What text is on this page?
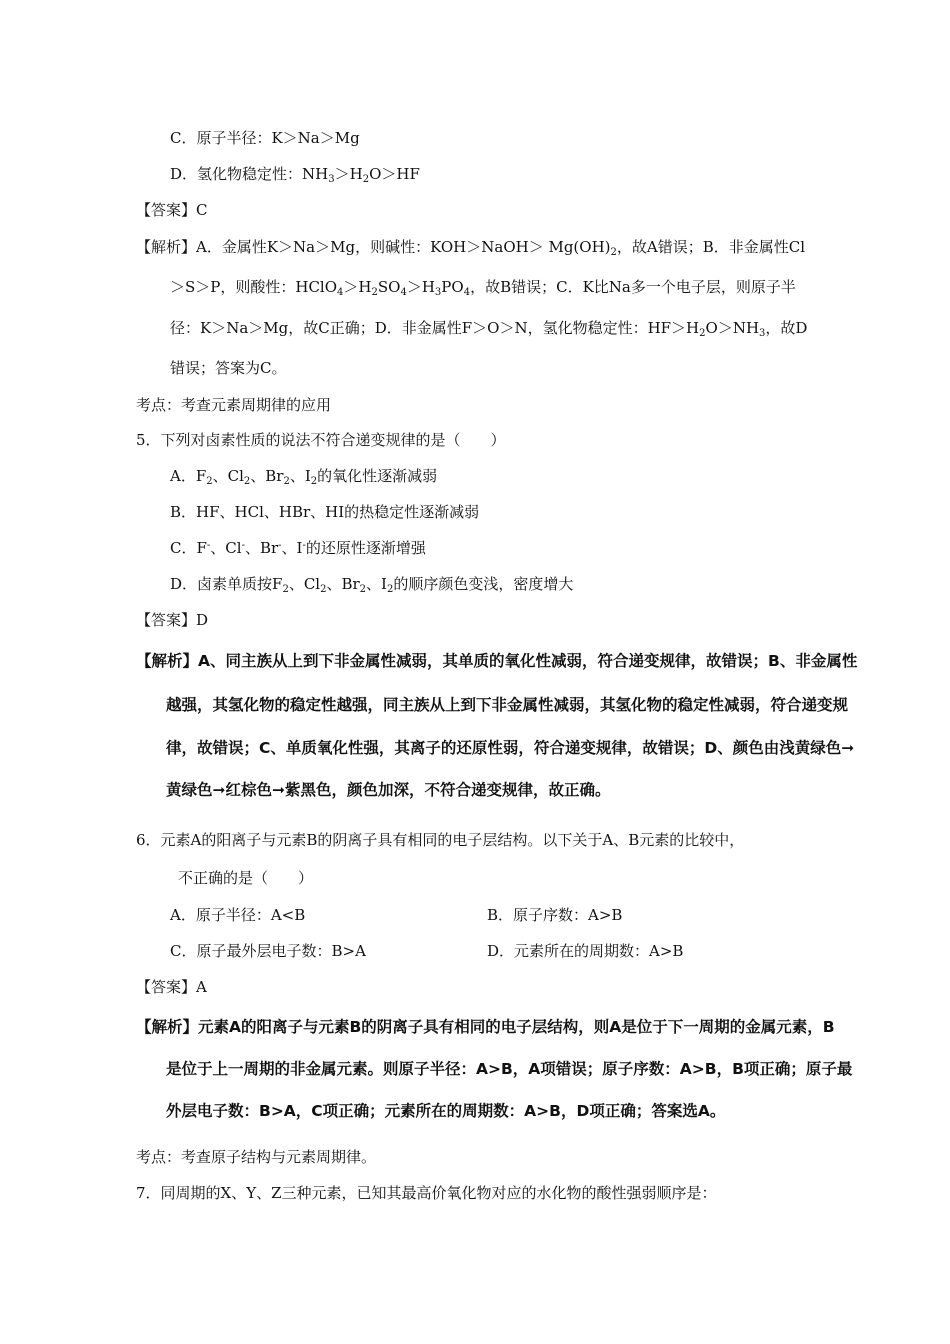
C．原子半径：K＞Na＞Mg
D．氢化物稳定性：$NH_3>H_2O>HF$
【答案】C
【解析】A．金属性K＞Na＞Mg，则碱性：KOH＞NaOH＞ $Mg(OH)_2$，故A错误；B．非金属性Cl
＞S＞P，则酸性：$HClO_4>H_2SO_4>H_3PO_4$，故B错误；C．K比Na多一个电子层，则原子半
径：K＞Na＞Mg，故C正确；D．非金属性F＞O＞N，氢化物稳定性：$HF>H_2O>NH_3$，故D
错误；答案为C。
考点：考查元素周期律的应用
5．下列对卤素性质的说法不符合递变规律的是（　　）
A．$F_2$、$Cl_2$、$Br_2$、$I_2$的氧化性逐渐减弱
B．HF、HCl、HBr、HI的热稳定性逐渐减弱
C．F-、Cl-、Br-、I-的还原性逐渐增强
D．卤素单质按$F_2$、$Cl_2$、$Br_2$、$I_2$的顺序颜色变浅，密度增大
【答案】D
【解析】A、同主族从上到下非金属性减弱，其单质的氧化性减弱，符合递变规律，故错误；B、非金属性
越强，其氢化物的稳定性越强，同主族从上到下非金属性减弱，其氢化物的稳定性减弱，符合递变规
律，故错误；C、单质氧化性强，其离子的还原性弱，符合递变规律，故错误；D、颜色由浅黄绿色➞
黄绿色➞红棕色➞紫黑色，颜色加深，不符合递变规律，故正确。
6．元素A的阳离子与元素B的阴离子具有相同的电子层结构。以下关于A、B元素的比较中，
不正确的是（　　）
A．原子半径：A<B	B．原子序数：A>B
C．原子最外层电子数：B>A	D．元素所在的周期数：A>B
【答案】A
【解析】元素A的阳离子与元素B的阴离子具有相同的电子层结构，则A是位于下一周期的金属元素，B
是位于上一周期的非金属元素。则原子半径：A>B，A项错误；原子序数：A>B，B项正确；原子最
外层电子数：B>A，C项正确；元素所在的周期数：A>B，D项正确；答案选A。
考点：考查原子结构与元素周期律。
7．同周期的X、Y、Z三种元素，已知其最高价氧化物对应的水化物的酸性强弱顺序是：
